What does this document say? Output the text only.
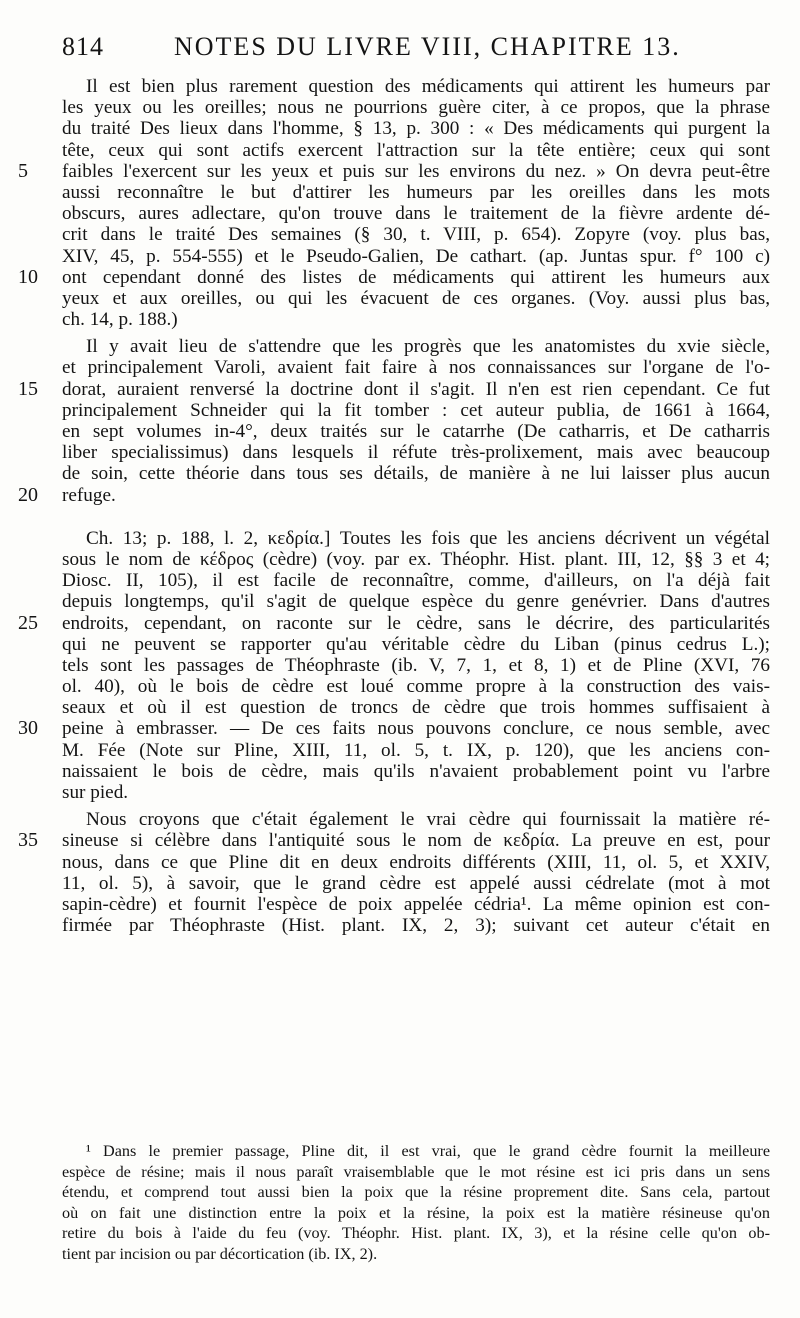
814	NOTES DU LIVRE VIII, CHAPITRE 13.
Il est bien plus rarement question des médicaments qui attirent les humeurs par
les yeux ou les oreilles; nous ne pourrions guère citer, à ce propos, que la phrase
du traité Des lieux dans l'homme, § 13, p. 300 : « Des médicaments qui purgent la
tête, ceux qui sont actifs exercent l'attraction sur la tête entière; ceux qui sont
5	faibles l'exercent sur les yeux et puis sur les environs du nez. » On devra peut-être
aussi reconnaître le but d'attirer les humeurs par les oreilles dans les mots
obscurs, aures adlectare, qu'on trouve dans le traitement de la fièvre ardente dé-
crit dans le traité Des semaines (§ 30, t. VIII, p. 654). Zopyre (voy. plus bas,
XIV, 45, p. 554-555) et le Pseudo-Galien, De cathart. (ap. Juntas spur. f° 100 c)
10	ont cependant donné des listes de médicaments qui attirent les humeurs aux
yeux et aux oreilles, ou qui les évacuent de ces organes. (Voy. aussi plus bas,
ch. 14, p. 188.)
Il y avait lieu de s'attendre que les progrès que les anatomistes du xvie siècle,
et principalement Varoli, avaient fait faire à nos connaissances sur l'organe de l'o-
15	dorat, auraient renversé la doctrine dont il s'agit. Il n'en est rien cependant. Ce fut
principalement Schneider qui la fit tomber : cet auteur publia, de 1661 à 1664,
en sept volumes in-4°, deux traités sur le catarrhe (De catharris, et De catharris
liber specialissimus) dans lesquels il réfute très-prolixement, mais avec beaucoup
de soin, cette théorie dans tous ses détails, de manière à ne lui laisser plus aucun
20	refuge.
Ch. 13; p. 188, l. 2, κεδρία.] Toutes les fois que les anciens décrivent un végétal
sous le nom de κέδρος (cèdre) (voy. par ex. Théophr. Hist. plant. III, 12, §§ 3 et 4;
Diosc. II, 105), il est facile de reconnaître, comme, d'ailleurs, on l'a déjà fait
depuis longtemps, qu'il s'agit de quelque espèce du genre genévrier. Dans d'autres
25	endroits, cependant, on raconte sur le cèdre, sans le décrire, des particularités
qui ne peuvent se rapporter qu'au véritable cèdre du Liban (pinus cedrus L.);
tels sont les passages de Théophraste (ib. V, 7, 1, et 8, 1) et de Pline (XVI, 76
ol. 40), où le bois de cèdre est loué comme propre à la construction des vais-
seaux et où il est question de troncs de cèdre que trois hommes suffisaient à
30	peine à embrasser. — De ces faits nous pouvons conclure, ce nous semble, avec
M. Fée (Note sur Pline, XIII, 11, ol. 5, t. IX, p. 120), que les anciens con-
naissaient le bois de cèdre, mais qu'ils n'avaient probablement point vu l'arbre
sur pied.
Nous croyons que c'était également le vrai cèdre qui fournissait la matière ré-
35	sineuse si célèbre dans l'antiquité sous le nom de κεδρία. La preuve en est, pour
nous, dans ce que Pline dit en deux endroits différents (XIII, 11, ol. 5, et XXIV,
11, ol. 5), à savoir, que le grand cèdre est appelé aussi cédrelate (mot à mot
sapin-cèdre) et fournit l'espèce de poix appelée cédria¹. La même opinion est con-
firmée par Théophraste (Hist. plant. IX, 2, 3); suivant cet auteur c'était en
¹ Dans le premier passage, Pline dit, il est vrai, que le grand cèdre fournit la meilleure
espèce de résine; mais il nous paraît vraisemblable que le mot résine est ici pris dans un sens
étendu, et comprend tout aussi bien la poix que la résine proprement dite. Sans cela, partout
où on fait une distinction entre la poix et la résine, la poix est la matière résineuse qu'on
retire du bois à l'aide du feu (voy. Théophr. Hist. plant. IX, 3), et la résine celle qu'on ob-
tient par incision ou par décortication (ib. IX, 2).
